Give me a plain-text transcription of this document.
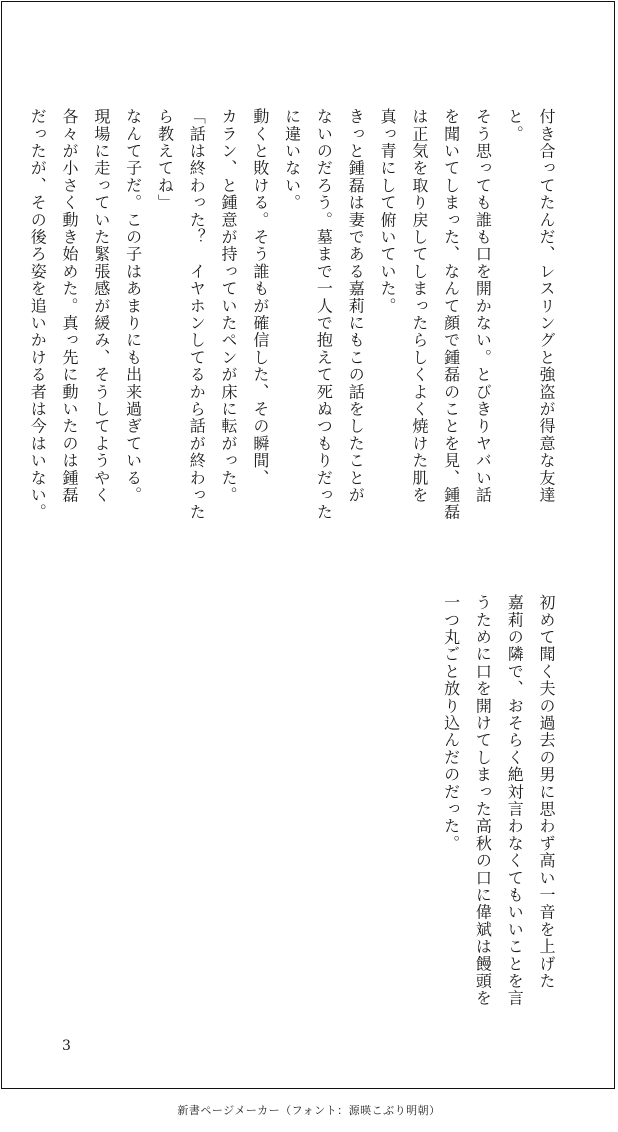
付き合ってたんだ、レスリングと強盗が得意な友達
と。
そう思っても誰も口を開かない。とびきりヤバい話
を聞いてしまった、なんて顔で鍾磊のことを見、鍾磊
は正気を取り戻してしまったらしくよく焼けた肌を
真っ青にして俯いていた。
きっと鍾磊は妻である嘉莉にもこの話をしたことが
ないのだろう。墓まで一人で抱えて死ぬつもりだった
に違いない。
動くと敗ける。そう誰もが確信した、その瞬間、
カラン、と鍾意が持っていたペンが床に転がった。
「話は終わった？　イヤホンしてるから話が終わった
ら教えてね」
なんて子だ。この子はあまりにも出来過ぎている。
現場に走っていた緊張感が緩み、そうしてようやく
各々が小さく動き始めた。真っ先に動いたのは鍾磊
だったが、その後ろ姿を追いかける者は今はいない。
初めて聞く夫の過去の男に思わず高い一音を上げた
嘉莉の隣で、おそらく絶対言わなくてもいいことを言
うために口を開けてしまった高秋の口に偉斌は饅頭を
一つ丸ごと放り込んだのだった。
3
新書ページメーカー（フォント：源暎こぶり明朝）
